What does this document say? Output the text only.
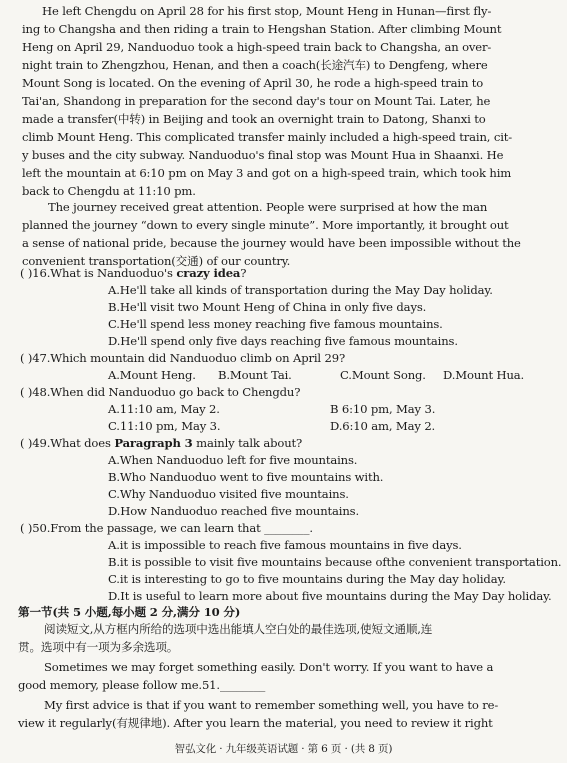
He left Chengdu on April 28 for his first stop, Mount Heng in Hunan—first fly-

ing to Changsha and then riding a train to Hengshan Station. After climbing Mount

Heng on April 29, Nanduoduo took a high-speed train back to Changsha, an over-

night train to Zhengzhou, Henan, and then a coach(长途汽车) to Dengfeng, where

Mount Song is located. On the evening of April 30, he rode a high-speed train to

Tai'an, Shandong in preparation for the second day's tour on Mount Tai. Later, he

made a transfer(中转) in Beijing and took an overnight train to Datong, Shanxi to

climb Mount Heng. This complicated transfer mainly included a high-speed train, cit-

y buses and the city subway. Nanduoduo's final stop was Mount Hua in Shaanxi. He

left the mountain at 6:10 pm on May 3 and got on a high-speed train, which took him

back to Chengdu at 11:10 pm.

The journey received great attention. People were surprised at how the man

planned the journey “down to every single minute”. More importantly, it brought out

a sense of national pride, because the journey would have been impossible without the

convenient transportation(交通) of our country.

( )16.What is Nanduoduo's crazy idea?

A.He'll take all kinds of transportation during the May Day holiday.

B.He'll visit two Mount Heng of China in only five days.

C.He'll spend less money reaching five famous mountains.

D.He'll spend only five days reaching five famous mountains.

( )47.Which mountain did Nanduoduo climb on April 29?

A.Mount Heng. B.Mount Tai.	C.Mount Song. D.Mount Hua.

( )48.When did Nanduoduo go back to Chengdu?

A.11:10 am, May 2.	B 6:10 pm, May 3.

C.11:10 pm, May 3.	D.6:10 am, May 2.

( )49.What does Paragraph 3 mainly talk about?

A.When Nanduoduo left for five mountains.

B.Who Nanduoduo went to five mountains with.

C.Why Nanduoduo visited five mountains.

D.How Nanduoduo reached five mountains.

( )50.From the passage, we can learn that ________.

A.it is impossible to reach five famous mountains in five days.

B.it is possible to visit five mountains because ofthe convenient transportation.

C.it is interesting to go to five mountains during the May day holiday.

D.It is useful to learn more about five mountains during the May Day holiday.

第一节(共 5 小题,每小题 2 分,满分 10 分)

阅读短文,从方框内所给的选项中选出能填人空白处的最佳选项,使短文通顺,连

贯。选项中有一项为多余选项。

Sometimes we may forget something easily. Don't worry. If you want to have a

good memory, please follow me.51.________

My first advice is that if you want to remember something well, you have to re-

view it regularly(有规律地). After you learn the material, you need to review it right

智弘文化 · 九年级英语试题 · 第 6 页 · (共 8 页)
